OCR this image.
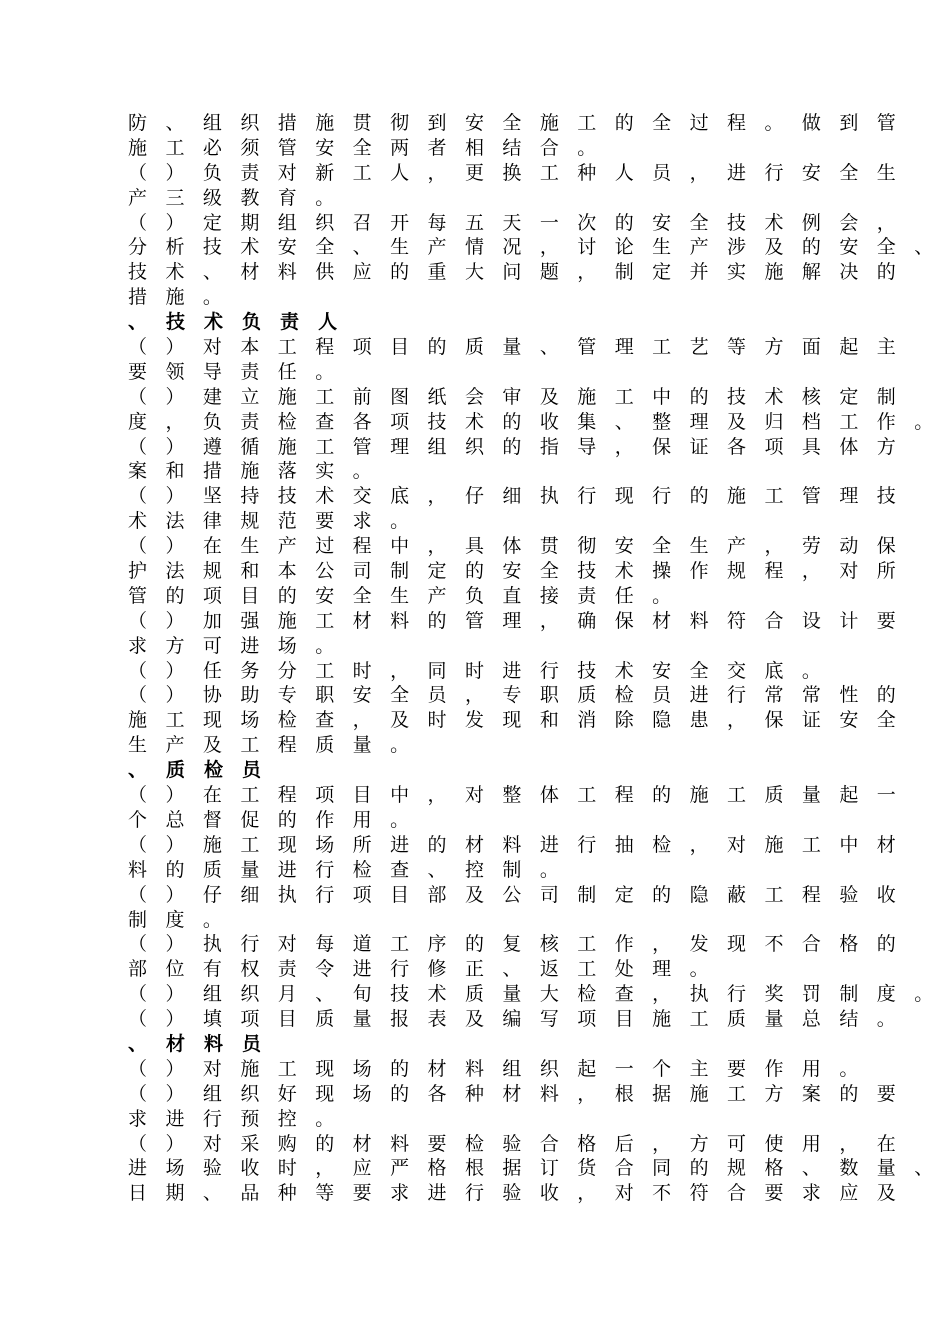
防 、 组 织 措 施 贯 彻 到 安 全 施 工 的 全 过 程 。 做 到 管
施 工 必 须 管 安 全 两 者 相 结 合 。
（ ） 负 责 对 新 工 人 ， 更 换 工 种 人 员 ， 进 行 安 全 生
产 三 级 教 育 。
（ ） 定 期 组 织 召 开 每 五 天 一 次 的 安 全 技 术 例 会 ，
分 析 技 术 安 全 、 生 产 情 况 ， 讨 论 生 产 涉 及 的 安 全 、
技 术 、 材 料 供 应 的 重 大 问 题 ， 制 定 并 实 施 解 决 的
措 施 。
、 技 术 负 责 人
（ ） 对 本 工 程 项 目 的 质 量 、 管 理 工 艺 等 方 面 起 主
要 领 导 责 任 。
（ ） 建 立 施 工 前 图 纸 会 审 及 施 工 中 的 技 术 核 定 制
度 ， 负 责 检 查 各 项 技 术 的 收 集 、 整 理 及 归 档 工 作 。
（ ） 遵 循 施 工 管 理 组 织 的 指 导 ， 保 证 各 项 具 体 方
案 和 措 施 落 实 。
（ ） 坚 持 技 术 交 底 ， 仔 细 执 行 现 行 的 施 工 管 理 技
术 法 律 规 范 要 求 。
（ ） 在 生 产 过 程 中 ， 具 体 贯 彻 安 全 生 产 ， 劳 动 保
护 法 规 和 本 公 司 制 定 的 安 全 技 术 操 作 规 程 ， 对 所
管 的 项 目 的 安 全 生 产 负 直 接 责 任 。
（ ） 加 强 施 工 材 料 的 管 理 ， 确 保 材 料 符 合 设 计 要
求 方 可 进 场 。
（ ） 任 务 分 工 时 ， 同 时 进 行 技 术 安 全 交 底 。
（ ） 协 助 专 职 安 全 员 ， 专 职 质 检 员 进 行 常 常 性 的
施 工 现 场 检 查 ， 及 时 发 现 和 消 除 隐 患 ， 保 证 安 全
生 产 及 工 程 质 量 。
、 质 检 员
（ ） 在 工 程 项 目 中 ， 对 整 体 工 程 的 施 工 质 量 起 一
个 总 督 促 的 作 用 。
（ ） 施 工 现 场 所 进 的 材 料 进 行 抽 检 ， 对 施 工 中 材
料 的 质 量 进 行 检 查 、 控 制 。
（ ） 仔 细 执 行 项 目 部 及 公 司 制 定 的 隐 蔽 工 程 验 收
制 度 。
（ ） 执 行 对 每 道 工 序 的 复 核 工 作 ， 发 现 不 合 格 的
部 位 有 权 责 令 进 行 修 正 、 返 工 处 理 。
（ ） 组 织 月 、 旬 技 术 质 量 大 检 查 ， 执 行 奖 罚 制 度 。
（ ） 填 项 目 质 量 报 表 及 编 写 项 目 施 工 质 量 总 结 。
、 材 料 员
（ ） 对 施 工 现 场 的 材 料 组 织 起 一 个 主 要 作 用 。
（ ） 组 织 好 现 场 的 各 种 材 料 ， 根 据 施 工 方 案 的 要
求 进 行 预 控 。
（ ） 对 采 购 的 材 料 要 检 验 合 格 后 ， 方 可 使 用 ， 在
进 场 验 收 时 ， 应 严 格 根 据 订 货 合 同 的 规 格 、 数 量 、
日 期 、 品 种 等 要 求 进 行 验 收 ， 对 不 符 合 要 求 应 及
